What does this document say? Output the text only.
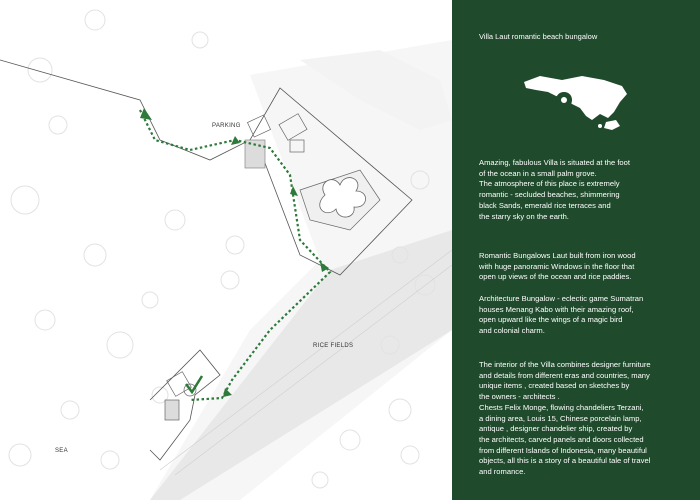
PARKING
RICE FIELDS
SEA
Villa Laut romantic beach bungalow
Amazing, fabulous Villa is situated at the foot
of the ocean in a small palm grove.
The atmosphere of this place is extremely
romantic - secluded beaches, shimmering
black Sands, emerald rice terraces and
the starry sky on the earth.
Romantic Bungalows Laut built from iron wood
with huge panoramic Windows in the floor that
open up views of the ocean and rice paddies.
Architecture Bungalow - eclectic game Sumatran
houses Menang Kabo with their amazing roof,
open upward like the wings of a magic bird
and colonial charm.
The interior of the Villa combines designer furniture
and details from different eras and countries, many
unique items , created based on sketches by
the owners - architects .
Chests Felix Monge, flowing chandeliers Terzani,
a dining area, Louis 15, Chinese porcelain lamp,
antique , designer chandelier ship, created by
the architects, carved panels and doors collected
from different Islands of Indonesia, many beautiful
objects, all this is a story of a beautiful tale of travel
and romance.
